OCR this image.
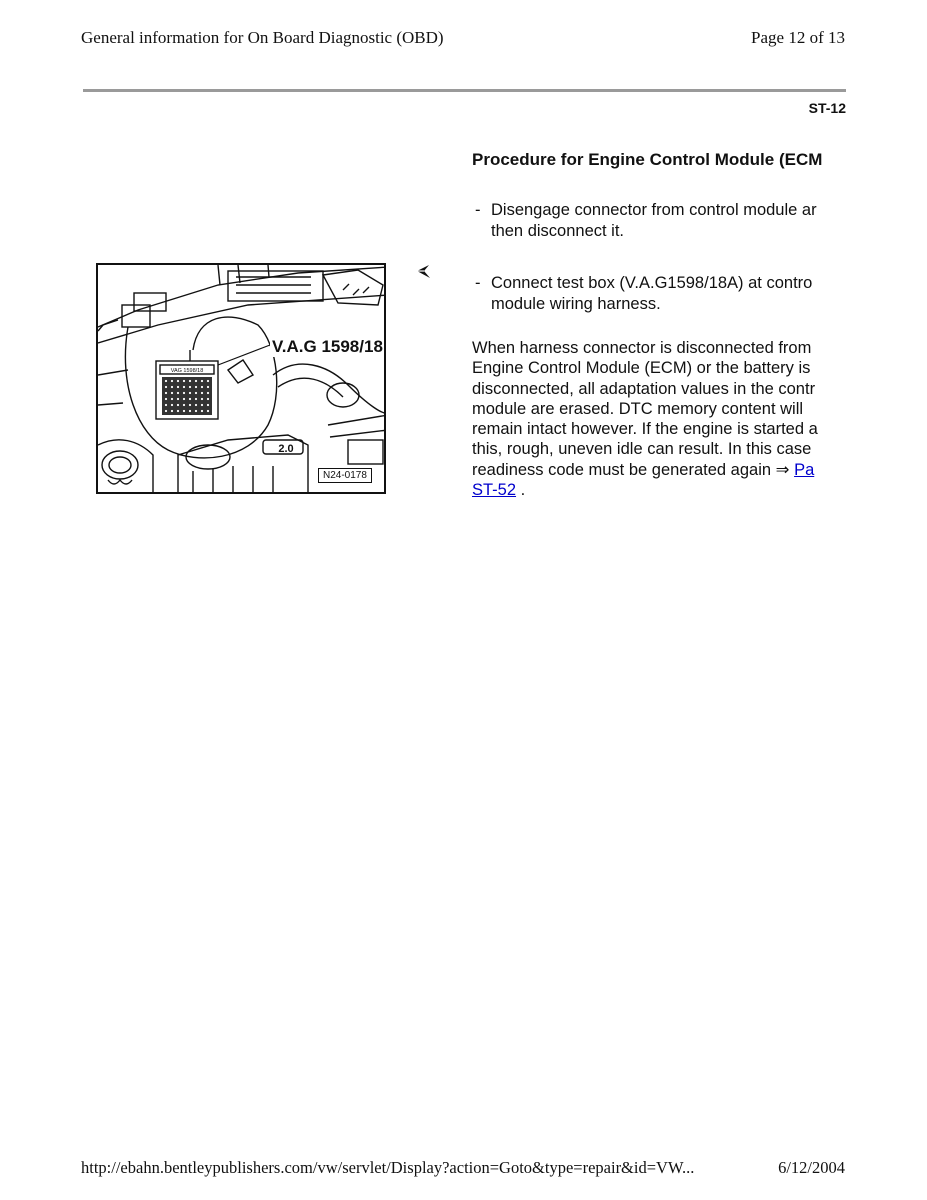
General information for On Board Diagnostic (OBD)	Page 12 of 13
ST-12
Procedure for Engine Control Module (ECM
- Disengage connector from control module ar
then disconnect it.
- Connect test box (V.A.G1598/18A) at contro
module wiring harness.
When harness connector is disconnected from
Engine Control Module (ECM) or the battery is
disconnected, all adaptation values in the contr
module are erased. DTC memory content will
remain intact however. If the engine is started a
this, rough, uneven idle can result. In this case
readiness code must be generated again ⇒ Pa
ST-52 .
VAG 1598/18
2.0
V.A.G 1598/18
N24-0178
http://ebahn.bentleypublishers.com/vw/servlet/Display?action=Goto&type=repair&id=VW...	6/12/2004
